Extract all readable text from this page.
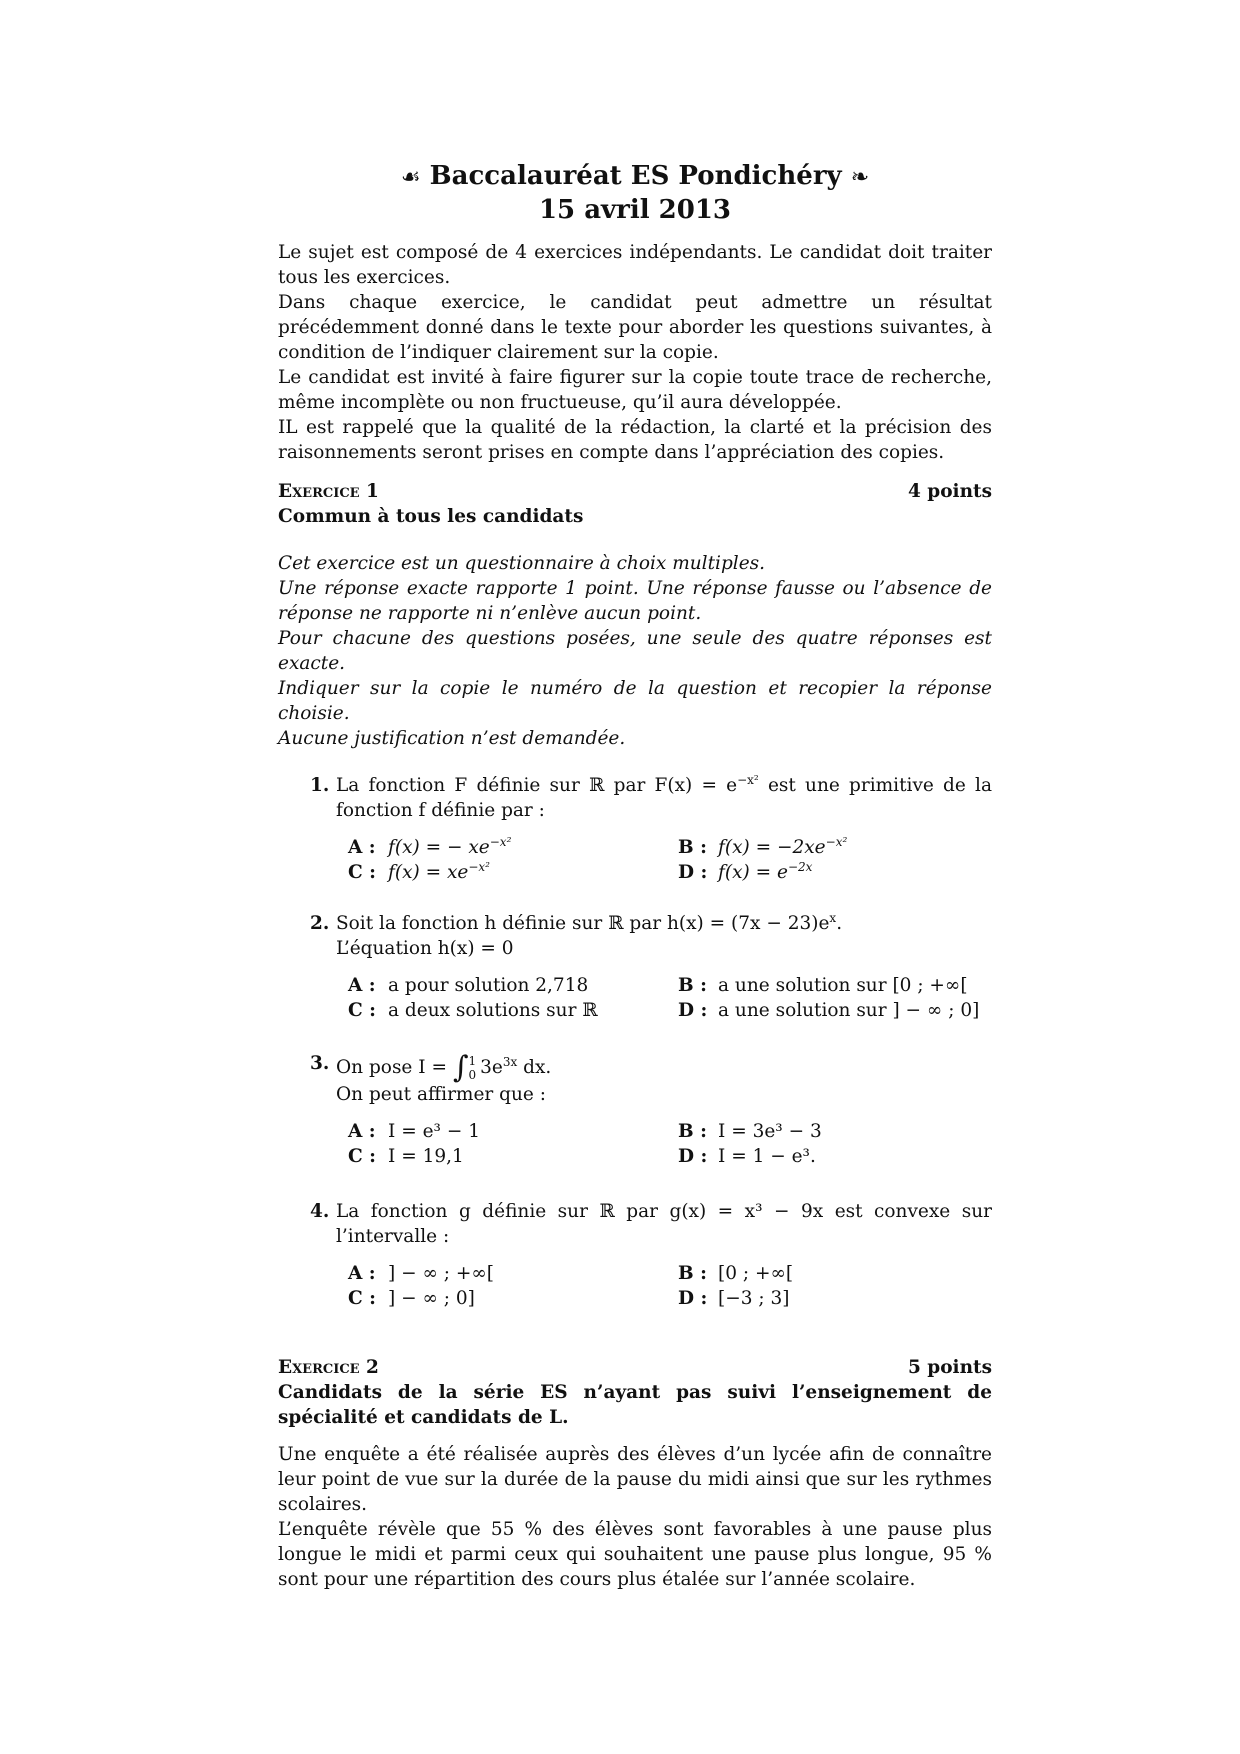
☙ Baccalauréat ES Pondichéry ❧
15 avril 2013

Le sujet est composé de 4 exercices indépendants. Le candidat doit traiter tous les exercices.

Dans chaque exercice, le candidat peut admettre un résultat précédemment donné dans le texte pour aborder les questions suivantes, à condition de l’indiquer clairement sur la copie.

Le candidat est invité à faire figurer sur la copie toute trace de recherche, même incomplète ou non fructueuse, qu’il aura développée.

IL est rappelé que la qualité de la rédaction, la clarté et la précision des raisonnements seront prises en compte dans l’appréciation des copies.

Exercice 1	4 points
Commun à tous les candidats

Cet exercice est un questionnaire à choix multiples.

Une réponse exacte rapporte 1 point. Une réponse fausse ou l’absence de réponse ne rapporte ni n’enlève aucun point.

Pour chacune des questions posées, une seule des quatre réponses est exacte.

Indiquer sur la copie le numéro de la question et recopier la réponse choisie.

Aucune justification n’est demandée.

1. La fonction F définie sur ℝ par $F(x) = e^{-x^2}$ est une primitive de la fonction f définie par :

A : f(x) = − $xe^{-x^2}$	B : $f(x) = -2xe^{-x^2}$
C : $f(x) = xe^{-x^2}$	D : $f(x) = e^{-2x}$
2. Soit la fonction h définie sur ℝ par $h(x) = (7x - 23)e^x$.

L’équation h(x) = 0

A : a pour solution 2,718	B : a une solution sur [0 ; +∞[
C : a deux solutions sur ℝ	D : a une solution sur ] − ∞ ; 0]
3. On pose I = ∫ 1
0 $3e^{3x}$ dx.

On peut affirmer que :

A : I = e³ − 1	B : I = 3e³ − 3
C : I = 19,1	D : I = 1 − e³.
4. La fonction g définie sur ℝ par g(x) = x³ − 9x est convexe sur l’intervalle :

A : ] − ∞ ; +∞[	B : [0 ; +∞[
C : ] − ∞ ; 0]	D : [−3 ; 3]
Exercice 2	5 points

Candidats de la série ES n’ayant pas suivi l’enseignement de spécialité et candidats de L.

Une enquête a été réalisée auprès des élèves d’un lycée afin de connaître leur point de vue sur la durée de la pause du midi ainsi que sur les rythmes scolaires.

L’enquête révèle que 55 % des élèves sont favorables à une pause plus longue le midi et parmi ceux qui souhaitent une pause plus longue, 95 % sont pour une répartition des cours plus étalée sur l’année scolaire.
